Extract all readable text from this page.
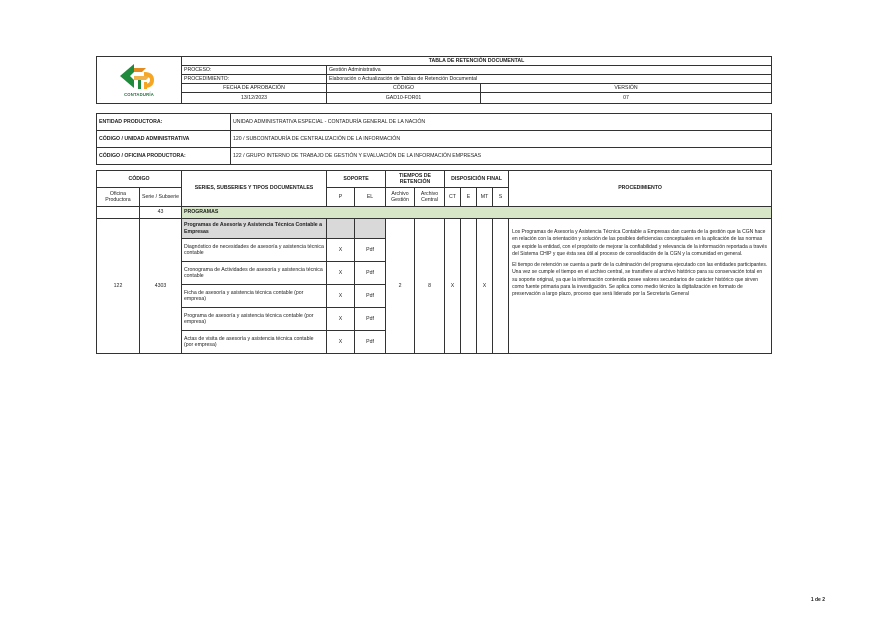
CONTADURÍA	TABLA DE RETENCIÓN DOCUMENTAL		
	PROCESO:	Gestión Administrativa	
	PROCEDIMIENTO:	Elaboración o Actualización de Tablas de Retención Documental	
	FECHA DE APROBACIÓN	CÓDIGO	VERSIÓN
	13/12/2023	GAD10-FOR01	07
ENTIDAD PRODUCTORA:	UNIDAD ADMINISTRATIVA ESPECIAL - CONTADURÍA GENERAL DE LA NACIÓN
CÓDIGO / UNIDAD ADMINISTRATIVA	120 / SUBCONTADURÍA DE CENTRALIZACIÓN DE LA INFORMACIÓN
CÓDIGO / OFICINA PRODUCTORA:	122 / GRUPO INTERNO DE TRABAJO DE GESTIÓN Y EVALUACIÓN DE LA INFORMACIÓN EMPRESAS
CÓDIGO		SERIES, SUBSERIES Y TIPOS DOCUMENTALES	SOPORTE		TIEMPOS DE RETENCIÓN		DISPOSICIÓN FINAL				PROCEDIMIENTO
Oficina Productora	Serie / Subserie		P	EL	Archivo Gestión	Archivo Central	CT	E	MT	S	
	43	PROGRAMAS									
122	4303	Programas de Asesoría y Asistencia Técnica Contable a Empresas			2	8	X		X		Los Programas de Asesoría y Asistencia Técnica Contable a Empresas dan cuenta de la gestión que la CGN hace en relación con la orientación y solución de las posibles deficiencias conceptuales en la aplicación de las normas que expide la entidad, con el propósito de mejorar la confiabilidad y relevancia de la información reportada a través del Sistema CHIP y que ésta sea útil al proceso de consolidación de la CGN y la comunidad en general.

El tiempo de retención se cuenta a partir de la culminación del programa ejecutado con las entidades participantes. Una vez se cumple el tiempo en el archivo central, se transfiere al archivo histórico para su conservación total en su soporte original, ya que la información contenida posee valores secundarios de carácter histórico que sirven como fuente primaria para la investigación. Se aplica como medio técnico la digitalización en formato de preservación a largo plazo, proceso que será liderado por la Secretaría General

		Diagnóstico de necesidades de asesoría y asistencia técnica contable	X	Pdf							
		Cronograma de Actividades de asesoría y asistencia técnica contable	X	Pdf							
		Ficha de asesoría y asistencia técnica contable (por empresa)	X	Pdf							
		Programa de asesoría y asistencia técnica contable (por empresa)	X	Pdf							
		Actas de visita de asesoría y asistencia técnica contable (por empresa)	X	Pdf							
1 de 2
